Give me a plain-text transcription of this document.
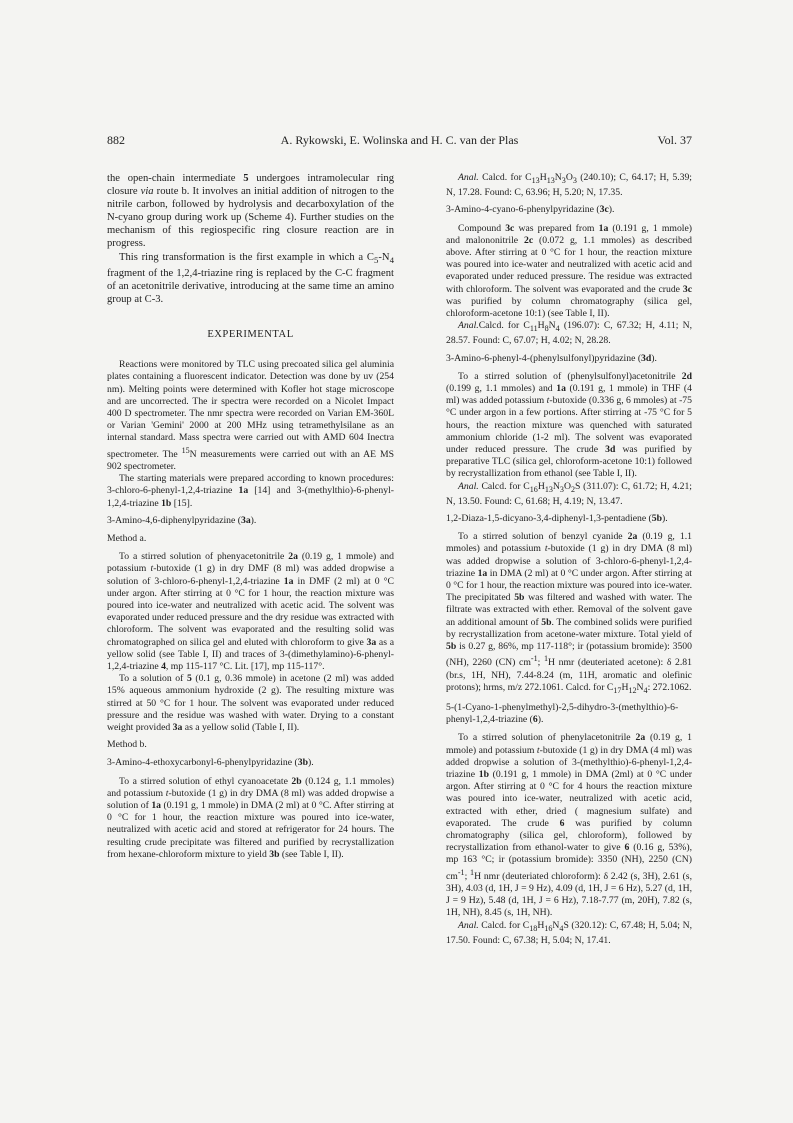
882	A. Rykowski, E. Wolinska and H. C. van der Plas	Vol. 37

the open-chain intermediate 5 undergoes intramolecular ring closure via route b. It involves an initial addition of nitrogen to the nitrile carbon, followed by hydrolysis and decarboxylation of the N-cyano group during work up (Scheme 4). Further studies on the mechanism of this regiospecific ring closure reaction are in progress.

This ring transformation is the first example in which a $C_5-N_4$ fragment of the 1,2,4-triazine ring is replaced by the C-C fragment of an acetonitrile derivative, introducing at the same time an amino group at C-3.

EXPERIMENTAL

Reactions were monitored by TLC using precoated silica gel aluminia plates containing a fluorescent indicator. Detection was done by uv (254 nm). Melting points were determined with Kofler hot stage microscope and are uncorrected. The ir spectra were recorded on a Nicolet Impact 400 D spectrometer. The nmr spectra were recorded on Varian EM-360L or Varian 'Gemini' 2000 at 200 MHz using tetramethylsilane as an internal standard. Mass spectra were carried out with AMD 604 Inectra spectrometer. The $^{15}$N measurements were carried out with an AE MS 902 spectrometer.

The starting materials were prepared according to known procedures: 3-chloro-6-phenyl-1,2,4-triazine 1a [14] and 3-(methylthio)-6-phenyl-1,2,4-triazine 1b [15].

3-Amino-4,6-diphenylpyridazine (3a).

Method a.

To a stirred solution of phenyacetonitrile 2a (0.19 g, 1 mmole) and potassium t-butoxide (1 g) in dry DMF (8 ml) was added dropwise a solution of 3-chloro-6-phenyl-1,2,4-triazine 1a in DMF (2 ml) at 0 °C under argon. After stirring at 0 °C for 1 hour, the reaction mixture was poured into ice-water and neutralized with acetic acid. The solvent was evaporated under reduced pressure and the dry residue was extracted with chloroform. The solvent was evaporated and the resulting solid was chromatographed on silica gel and eluted with chloroform to give 3a as a yellow solid (see Table I, II) and traces of 3-(dimethylamino)-6-phenyl-1,2,4-triazine 4, mp 115-117 °C. Lit. [17], mp 115-117°.

To a solution of 5 (0.1 g, 0.36 mmole) in acetone (2 ml) was added 15% aqueous ammonium hydroxide (2 g). The resulting mixture was stirred at 50 °C for 1 hour. The solvent was evaporated under reduced pressure and the residue was washed with water. Drying to a constant weight provided 3a as a yellow solid (Table I, II).

Method b.

3-Amino-4-ethoxycarbonyl-6-phenylpyridazine (3b).

To a stirred solution of ethyl cyanoacetate 2b (0.124 g, 1.1 mmoles) and potassium t-butoxide (1 g) in dry DMA (8 ml) was added dropwise a solution of 1a (0.191 g, 1 mmole) in DMA (2 ml) at 0 °C. After stirring at 0 °C for 1 hour, the reaction mixture was poured into ice-water, neutralized with acetic acid and stored at refrigerator for 24 hours. The resulting crude precipitate was filtered and purified by recrystallization from hexane-chloroform mixture to yield 3b (see Table I, II).

Anal. Calcd. for $C_{13}H_{13}N_3O_3$ (240.10); C, 64.17; H, 5.39; N, 17.28. Found: C, 63.96; H, 5.20; N, 17.35.

3-Amino-4-cyano-6-phenylpyridazine (3c).

Compound 3c was prepared from 1a (0.191 g, 1 mmole) and malononitrile 2c (0.072 g, 1.1 mmoles) as described above. After stirring at 0 °C for 1 hour, the reaction mixture was poured into ice-water and neutralized with acetic acid and evaporated under reduced pressure. The residue was extracted with chloroform. The solvent was evaporated and the crude 3c was purified by column chromatography (silica gel, chloroform-acetone 10:1) (see Table I, II).

Anal.Calcd. for $C_{11}H_8N_4$ (196.07): C, 67.32; H, 4.11; N, 28.57. Found: C, 67.07; H, 4.02; N, 28.28.

3-Amino-6-phenyl-4-(phenylsulfonyl)pyridazine (3d).

To a stirred solution of (phenylsulfonyl)acetonitrile 2d (0.199 g, 1.1 mmoles) and 1a (0.191 g, 1 mmole) in THF (4 ml) was added potassium t-butoxide (0.336 g, 6 mmoles) at -75 °C under argon in a few portions. After stirring at -75 °C for 5 hours, the reaction mixture was quenched with saturated ammonium chloride (1-2 ml). The solvent was evaporated under reduced pressure. The crude 3d was purified by preparative TLC (silica gel, chloroform-acetone 10:1) followed by recrystallization from ethanol (see Table I, II).

Anal. Calcd. for $C_{16}H_{13}N_3O_2S$ (311.07): C, 61.72; H, 4.21; N, 13.50. Found: C, 61.68; H, 4.19; N, 13.47.

1,2-Diaza-1,5-dicyano-3,4-diphenyl-1,3-pentadiene (5b).

To a stirred solution of benzyl cyanide 2a (0.19 g, 1.1 mmoles) and potassium t-butoxide (1 g) in dry DMA (8 ml) was added dropwise a solution of 3-chloro-6-phenyl-1,2,4-triazine 1a in DMA (2 ml) at 0 °C under argon. After stirring at 0 °C for 1 hour, the reaction mixture was poured into ice-water. The precipitated 5b was filtered and washed with water. The filtrate was extracted with ether. Removal of the solvent gave an additional amount of 5b. The combined solids were purified by recrystallization from acetone-water mixture. Total yield of 5b is 0.27 g, 86%, mp 117-118°; ir (potassium bromide): 3500 (NH), 2260 (CN) $cm^{-1}$; $^1$H nmr (deuteriated acetone): δ 2.81 (br.s, 1H, NH), 7.44-8.24 (m, 11H, aromatic and olefinic protons); hrms, m/z 272.1061. Calcd. for $C_{17}H_{12}N_4$: 272.1062.

5-(1-Cyano-1-phenylmethyl)-2,5-dihydro-3-(methylthio)-6-phenyl-1,2,4-triazine (6).

To a stirred solution of phenylacetonitrile 2a (0.19 g, 1 mmole) and potassium t-butoxide (1 g) in dry DMA (4 ml) was added dropwise a solution of 3-(methylthio)-6-phenyl-1,2,4-triazine 1b (0.191 g, 1 mmole) in DMA (2ml) at 0 °C under argon. After stirring at 0 °C for 4 hours the reaction mixture was poured into ice-water, neutralized with acetic acid, extracted with ether, dried ( magnesium sulfate) and evaporated. The crude 6 was purified by column chromatography (silica gel, chloroform), followed by recrystallization from ethanol-water to give 6 (0.16 g, 53%), mp 163 °C; ir (potassium bromide): 3350 (NH), 2250 (CN) $cm^{-1}$; $^1$H nmr (deuteriated chloroform): δ 2.42 (s, 3H), 2.61 (s, 3H), 4.03 (d, 1H, J = 9 Hz), 4.09 (d, 1H, J = 6 Hz), 5.27 (d, 1H, J = 9 Hz), 5.48 (d, 1H, J = 6 Hz), 7.18-7.77 (m, 20H), 7.82 (s, 1H, NH), 8.45 (s, 1H, NH).

Anal. Calcd. for $C_{18}H_{16}N_4S$ (320.12): C, 67.48; H, 5.04; N, 17.50. Found: C, 67.38; H, 5.04; N, 17.41.
